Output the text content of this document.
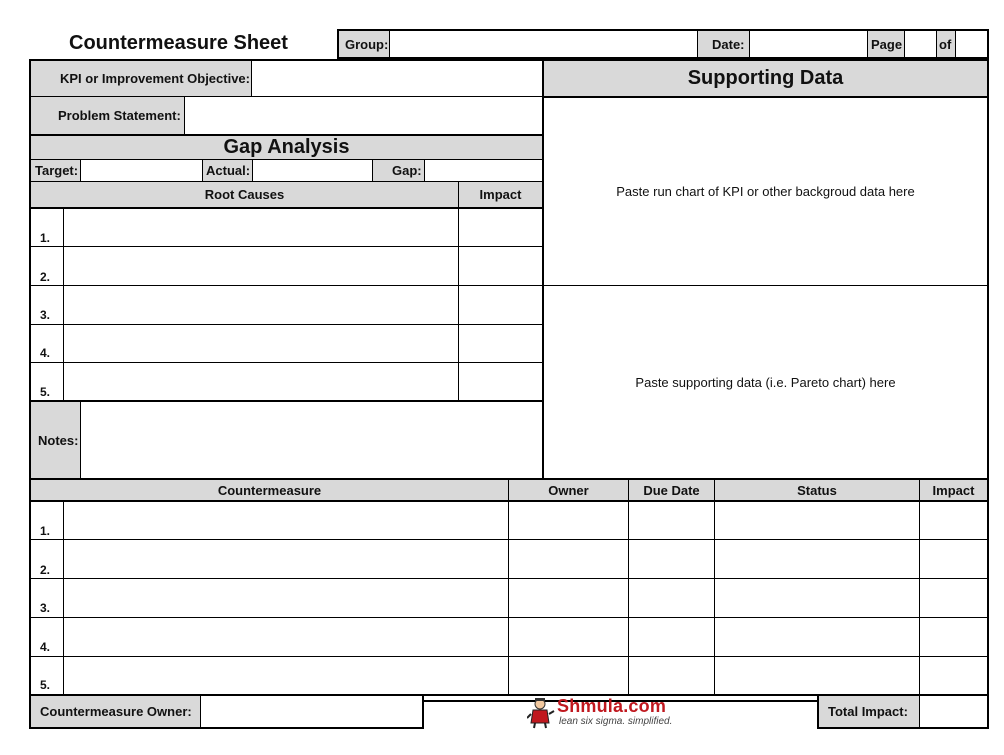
Countermeasure Sheet	Group:	Date:	Page	of
KPI or Improvement Objective:
Problem Statement:
Gap Analysis
Target:	Actual:	Gap:
Root Causes	Impact
1.
2.
3.
4.
5.
Notes:
Supporting Data
Paste run chart of KPI or other backgroud data here
Paste supporting data (i.e. Pareto chart) here
Countermeasure	Owner	Due Date	Status	Impact
1.
2.
3.
4.
5.
Countermeasure Owner:	Shmula.com
lean six sigma. simplified.
Total Impact:
